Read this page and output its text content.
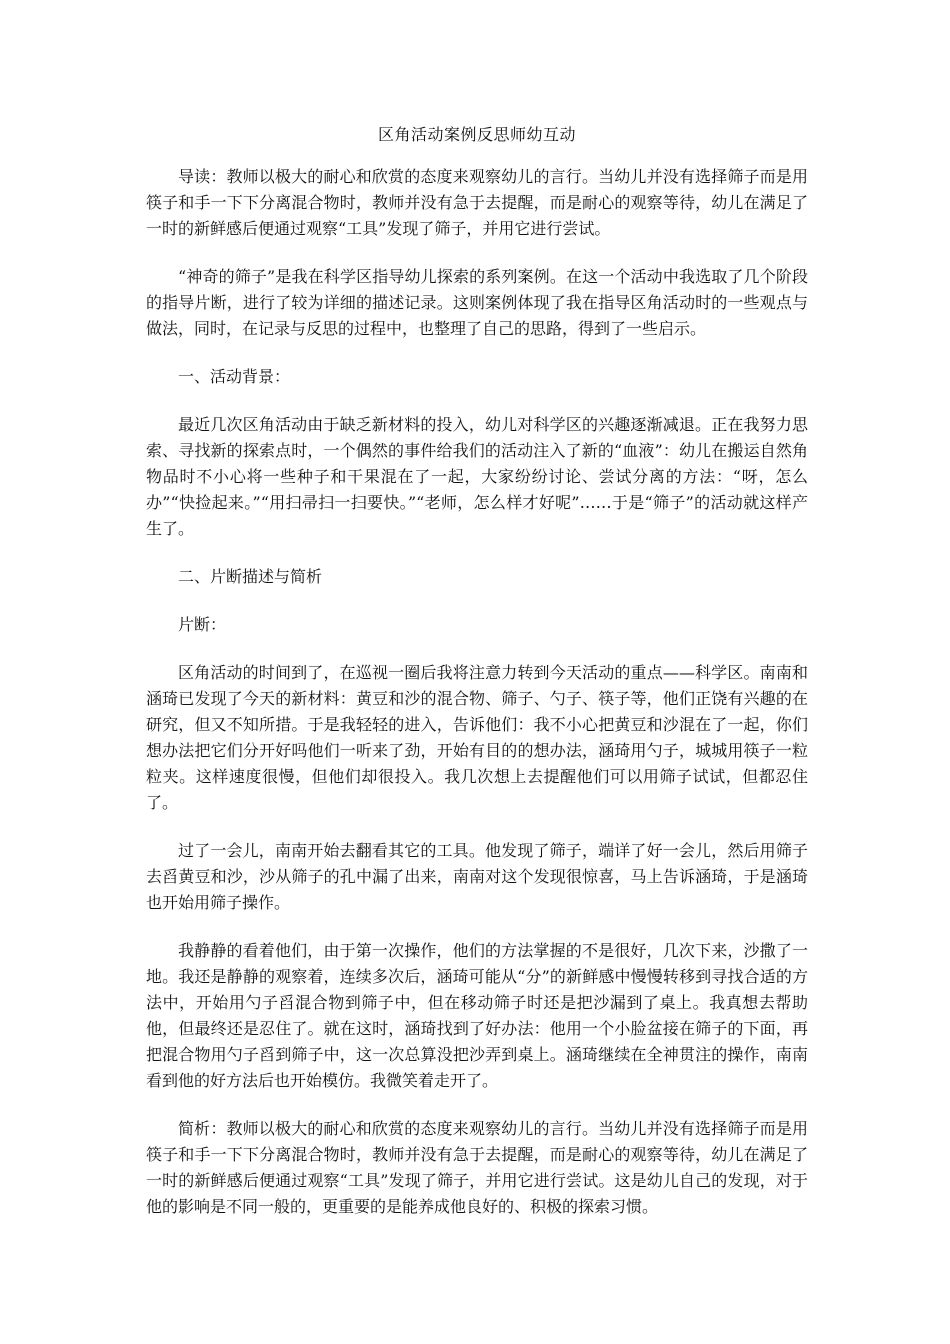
区角活动案例反思师幼互动

导读：教师以极大的耐心和欣赏的态度来观察幼儿的言行。当幼儿并没有选择筛子而是用筷子和手一下下分离混合物时，教师并没有急于去提醒，而是耐心的观察等待，幼儿在满足了一时的新鲜感后便通过观察“工具”发现了筛子，并用它进行尝试。

“神奇的筛子”是我在科学区指导幼儿探索的系列案例。在这一个活动中我选取了几个阶段的指导片断，进行了较为详细的描述记录。这则案例体现了我在指导区角活动时的一些观点与做法，同时，在记录与反思的过程中，也整理了自己的思路，得到了一些启示。

一、活动背景：

最近几次区角活动由于缺乏新材料的投入，幼儿对科学区的兴趣逐渐减退。正在我努力思索、寻找新的探索点时，一个偶然的事件给我们的活动注入了新的“血液”：幼儿在搬运自然角物品时不小心将一些种子和干果混在了一起，大家纷纷讨论、尝试分离的方法：“呀，怎么办”“快捡起来。”“用扫帚扫一扫要快。”“老师，怎么样才好呢”……于是“筛子”的活动就这样产生了。

二、片断描述与简析

片断：

区角活动的时间到了，在巡视一圈后我将注意力转到今天活动的重点——科学区。南南和涵琦已发现了今天的新材料：黄豆和沙的混合物、筛子、勺子、筷子等，他们正饶有兴趣的在研究，但又不知所措。于是我轻轻的进入，告诉他们：我不小心把黄豆和沙混在了一起，你们想办法把它们分开好吗他们一听来了劲，开始有目的的想办法，涵琦用勺子，城城用筷子一粒粒夹。这样速度很慢，但他们却很投入。我几次想上去提醒他们可以用筛子试试，但都忍住了。

过了一会儿，南南开始去翻看其它的工具。他发现了筛子，端详了好一会儿，然后用筛子去舀黄豆和沙，沙从筛子的孔中漏了出来，南南对这个发现很惊喜，马上告诉涵琦，于是涵琦也开始用筛子操作。

我静静的看着他们，由于第一次操作，他们的方法掌握的不是很好，几次下来，沙撒了一地。我还是静静的观察着，连续多次后，涵琦可能从“分”的新鲜感中慢慢转移到寻找合适的方法中，开始用勺子舀混合物到筛子中，但在移动筛子时还是把沙漏到了桌上。我真想去帮助他，但最终还是忍住了。就在这时，涵琦找到了好办法：他用一个小脸盆接在筛子的下面，再把混合物用勺子舀到筛子中，这一次总算没把沙弄到桌上。涵琦继续在全神贯注的操作，南南看到他的好方法后也开始模仿。我微笑着走开了。

简析：教师以极大的耐心和欣赏的态度来观察幼儿的言行。当幼儿并没有选择筛子而是用筷子和手一下下分离混合物时，教师并没有急于去提醒，而是耐心的观察等待，幼儿在满足了一时的新鲜感后便通过观察“工具”发现了筛子，并用它进行尝试。这是幼儿自己的发现，对于他的影响是不同一般的，更重要的是能养成他良好的、积极的探索习惯。
